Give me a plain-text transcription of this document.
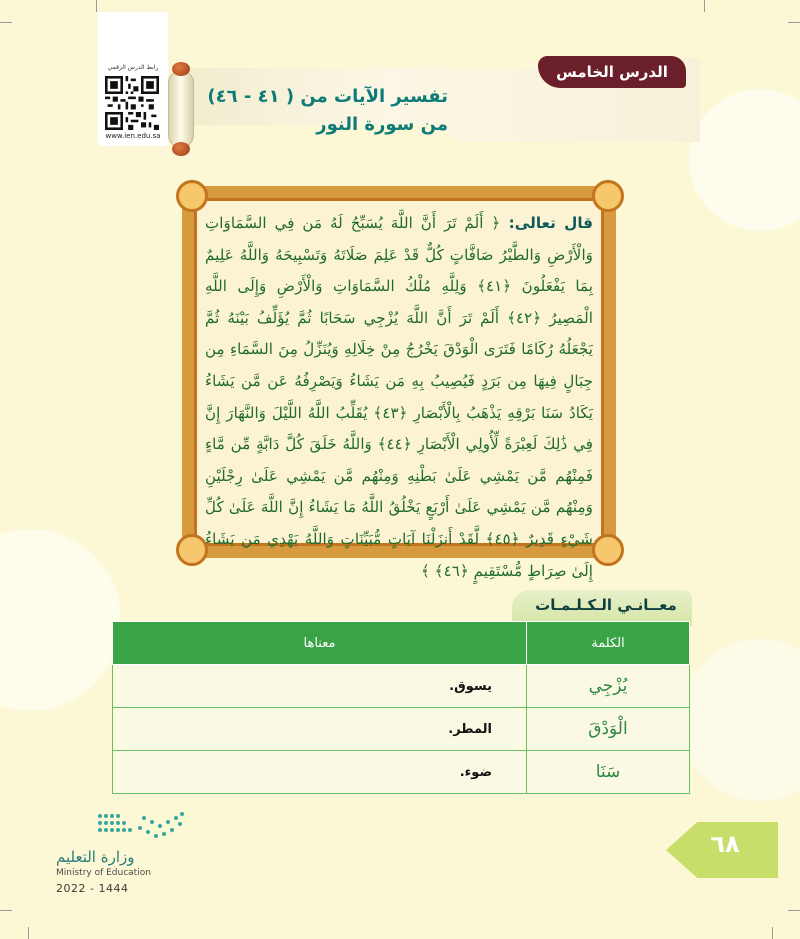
رابط الدرس الرقمي
www.ien.edu.sa
الدرس الخامس
تفسير الآيات من ( ٤١ - ٤٦)
من سورة النور
قال تعالى: ﴿ أَلَمْ تَرَ أَنَّ اللَّهَ يُسَبِّحُ لَهُ مَن فِي السَّمَاوَاتِ وَالْأَرْضِ وَالطَّيْرُ صَافَّاتٍ كُلٌّ قَدْ عَلِمَ صَلَاتَهُ وَتَسْبِيحَهُ وَاللَّهُ عَلِيمٌ بِمَا يَفْعَلُونَ ﴿٤١﴾ وَلِلَّهِ مُلْكُ السَّمَاوَاتِ وَالْأَرْضِ وَإِلَى اللَّهِ الْمَصِيرُ ﴿٤٢﴾ أَلَمْ تَرَ أَنَّ اللَّهَ يُزْجِي سَحَابًا ثُمَّ يُؤَلِّفُ بَيْنَهُ ثُمَّ يَجْعَلُهُ رُكَامًا فَتَرَى الْوَدْقَ يَخْرُجُ مِنْ خِلَالِهِ وَيُنَزِّلُ مِنَ السَّمَاءِ مِن جِبَالٍ فِيهَا مِن بَرَدٍ فَيُصِيبُ بِهِ مَن يَشَاءُ وَيَصْرِفُهُ عَن مَّن يَشَاءُ يَكَادُ سَنَا بَرْقِهِ يَذْهَبُ بِالْأَبْصَارِ ﴿٤٣﴾ يُقَلِّبُ اللَّهُ اللَّيْلَ وَالنَّهَارَ إِنَّ فِي ذَٰلِكَ لَعِبْرَةً لِّأُولِي الْأَبْصَارِ ﴿٤٤﴾ وَاللَّهُ خَلَقَ كُلَّ دَابَّةٍ مِّن مَّاءٍ فَمِنْهُم مَّن يَمْشِي عَلَىٰ بَطْنِهِ وَمِنْهُم مَّن يَمْشِي عَلَىٰ رِجْلَيْنِ وَمِنْهُم مَّن يَمْشِي عَلَىٰ أَرْبَعٍ يَخْلُقُ اللَّهُ مَا يَشَاءُ إِنَّ اللَّهَ عَلَىٰ كُلِّ شَيْءٍ قَدِيرٌ ﴿٤٥﴾ لَّقَدْ أَنزَلْنَا آيَاتٍ مُّبَيِّنَاتٍ وَاللَّهُ يَهْدِي مَن يَشَاءُ إِلَىٰ صِرَاطٍ مُّسْتَقِيمٍ ﴿٤٦﴾ ﴾
معــانـي الـكـلـمـات
الكلمة	معناها
يُزْجِي	يسوق.
الْوَدْقَ	المطر.
سَنَا	ضوء.
وزارة التعليم
Ministry of Education
2022 - 1444
٦٨
